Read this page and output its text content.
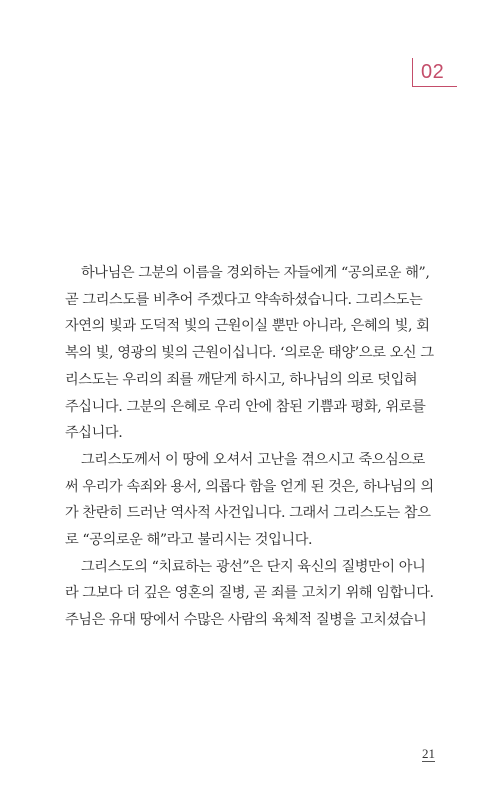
02

하나님은 그분의 이름을 경외하는 자들에게 “공의로운 해”,
곧 그리스도를 비추어 주겠다고 약속하셨습니다. 그리스도는
자연의 빛과 도덕적 빛의 근원이실 뿐만 아니라, 은혜의 빛, 회
복의 빛, 영광의 빛의 근원이십니다. ‘의로운 태양’으로 오신 그
리스도는 우리의 죄를 깨닫게 하시고, 하나님의 의로 덧입혀
주십니다. 그분의 은혜로 우리 안에 참된 기쁨과 평화, 위로를
주십니다.

그리스도께서 이 땅에 오셔서 고난을 겪으시고 죽으심으로
써 우리가 속죄와 용서, 의롭다 함을 얻게 된 것은, 하나님의 의
가 찬란히 드러난 역사적 사건입니다. 그래서 그리스도는 참으
로 “공의로운 해”라고 불리시는 것입니다.

그리스도의 “치료하는 광선”은 단지 육신의 질병만이 아니
라 그보다 더 깊은 영혼의 질병, 곧 죄를 고치기 위해 임합니다.
주님은 유대 땅에서 수많은 사람의 육체적 질병을 고치셨습니

21
